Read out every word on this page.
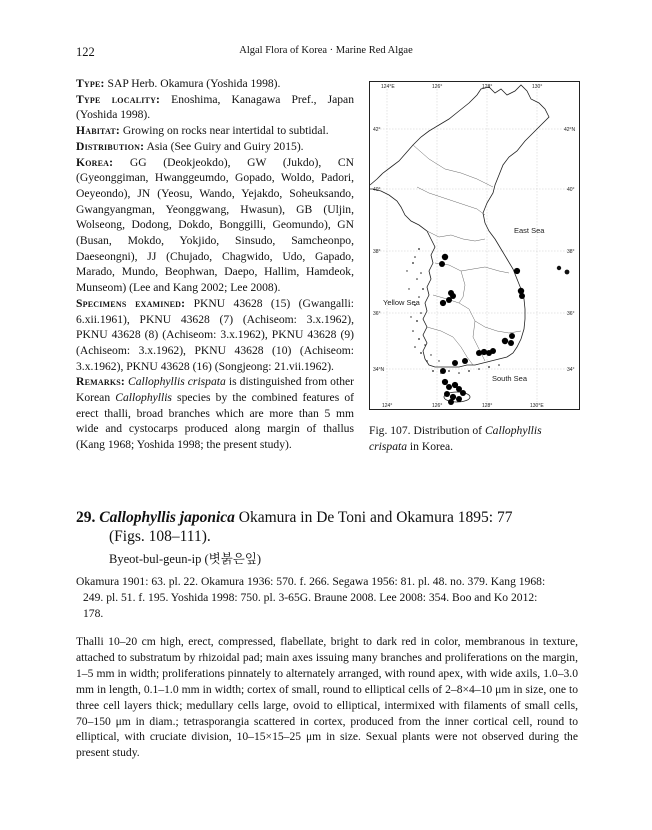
122	Algal Flora of Korea · Marine Red Algae

Type: SAP Herb. Okamura (Yoshida 1998).

Type locality: Enoshima, Kanagawa Pref., Japan (Yoshida 1998).

Habitat: Growing on rocks near intertidal to subtidal.

Distribution: Asia (See Guiry and Guiry 2015).

Korea: GG (Deokjeokdo), GW (Jukdo), CN (Gyeonggiman, Hwanggeumdo, Gopado, Woldo, Padori, Oeyeondo), JN (Yeosu, Wando, Yejakdo, Soheuksando, Gwangyangman, Yeonggwang, Hwasun), GB (Uljin, Wolseong, Dodong, Dokdo, Bonggilli, Geomundo), GN (Busan, Mokdo, Yokjido, Sinsudo, Samcheonpo, Daeseongni), JJ (Chujado, Chagwido, Udo, Gapado, Marado, Mundo, Beophwan, Daepo, Hallim, Hamdeok, Munseom) (Lee and Kang 2002; Lee 2008).

Specimens examined: PKNU 43628 (15) (Gwangalli: 6.xii.1961), PKNU 43628 (7) (Achiseom: 3.x.1962), PKNU 43628 (8) (Achiseom: 3.x.1962), PKNU 43628 (9) (Achiseom: 3.x.1962), PKNU 43628 (10) (Achiseom: 3.x.1962), PKNU 43628 (16) (Songjeong: 21.vii.1962).

Remarks: Callophyllis crispata is distinguished from other Korean Callophyllis species by the combined features of erect thalli, broad branches which are more than 5 mm wide and cystocarps produced along margin of thallus (Kang 1968; Yoshida 1998; the present study).

124°E	126°	128°	130°
124°	126°	128°	130°E
42°
40°
38°
36°
34°N
42°N
40°
38°
36°
34°
East Sea
Yellow Sea
South Sea
Fig. 107. Distribution of Callophyllis crispata in Korea.
29. Callophyllis japonica Okamura in De Toni and Okamura 1895: 77
(Figs. 108–111).
Byeot-bul-geun-ip (볏붉은잎)
Okamura 1901: 63. pl. 22. Okamura 1936: 570. f. 266. Segawa 1956: 81. pl. 48. no. 379. Kang 1968:
249. pl. 51. f. 195. Yoshida 1998: 750. pl. 3-65G. Braune 2008. Lee 2008: 354. Boo and Ko 2012:
178.
Thalli 10–20 cm high, erect, compressed, flabellate, bright to dark red in color, membranous in texture, attached to substratum by rhizoidal pad; main axes issuing many branches and proliferations on the margin, 1–5 mm in width; proliferations pinnately to alternately arranged, with round apex, with wide axils, 1.0–3.0 mm in length, 0.1–1.0 mm in width; cortex of small, round to elliptical cells of 2–8×4–10 μm in size, one to three cell layers thick; medullary cells large, ovoid to elliptical, intermixed with filaments of small cells, 70–150 μm in diam.; tetrasporangia scattered in cortex, produced from the inner cortical cell, round to elliptical, with cruciate division, 10–15×15–25 μm in size. Sexual plants were not observed during the present study.
